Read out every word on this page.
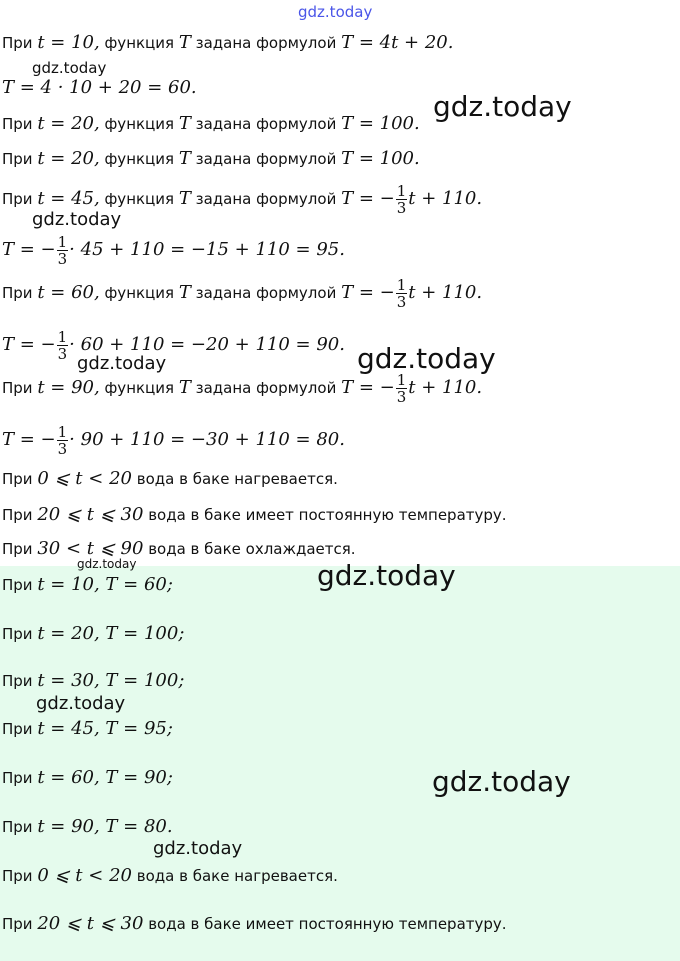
gdz.today
gdz.today
gdz.today
gdz.today
gdz.today
gdz.today
gdz.today	gdz.today
gdz.today
gdz.today
gdz.today
При t = 10, функция T задана формулой T = 4t + 20.
T = 4 · 10 + 20 = 60.
При t = 20, функция T задана формулой T = 100.
При t = 20, функция T задана формулой T = 100.
При t = 45, функция T задана формулой T = − $\frac{1}{3}$ t + 110.
T = − $\frac{1}{3} \cdot 45 + 110 = -15 + 110 = 95$.
При t = 60, функция T задана формулой T = − $\frac{1}{3}$ t + 110.
T = − $\frac{1}{3} \cdot 60 + 110 = -20 + 110 = 90$.
При t = 90, функция T задана формулой T = − $\frac{1}{3}$ t + 110.
T = − $\frac{1}{3} \cdot 90 + 110 = -30 + 110 = 80$.
При 0 ⩽ t < 20 вода в баке нагревается.
При 20 ⩽ t ⩽ 30 вода в баке имеет постоянную температуру.
При 30 < t ⩽ 90 вода в баке охлаждается.
При t = 10, T = 60;
При t = 20, T = 100;
При t = 30, T = 100;
При t = 45, T = 95;
При t = 60, T = 90;
При t = 90, T = 80.
При 0 ⩽ t < 20 вода в баке нагревается.
При 20 ⩽ t ⩽ 30 вода в баке имеет постоянную температуру.
